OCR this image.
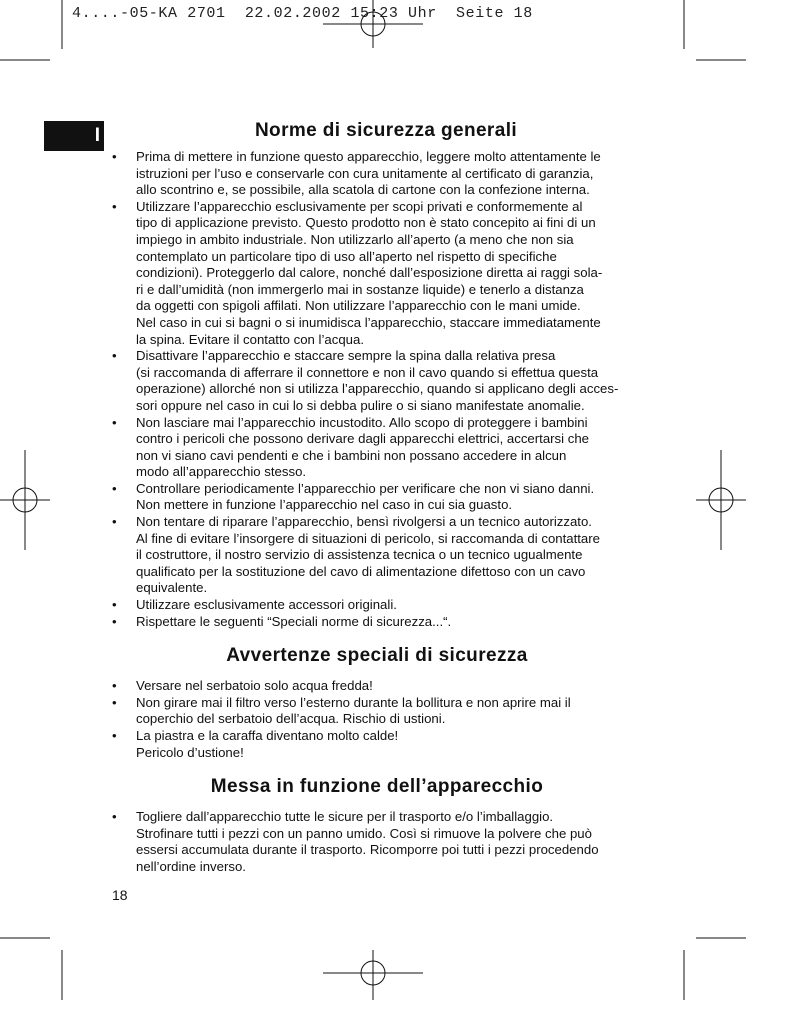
4....-05-KA 2701  22.02.2002 15:23 Uhr  Seite 18
I	Norme di sicurezza generali
• Prima di mettere in funzione questo apparecchio, leggere molto attentamente le
istruzioni per l’uso e conservarle con cura unitamente al certificato di garanzia,
allo scontrino e, se possibile, alla scatola di cartone con la confezione interna.
• Utilizzare l’apparecchio esclusivamente per scopi privati e conformemente al
tipo di applicazione previsto. Questo prodotto non è stato concepito ai fini di un
impiego in ambito industriale. Non utilizzarlo all’aperto (a meno che non sia
contemplato un particolare tipo di uso all’aperto nel rispetto di specifiche
condizioni). Proteggerlo dal calore, nonché dall’esposizione diretta ai raggi sola-
ri e dall’umidità (non immergerlo mai in sostanze liquide) e tenerlo a distanza
da oggetti con spigoli affilati. Non utilizzare l’apparecchio con le mani umide.
Nel caso in cui si bagni o si inumidisca l’apparecchio, staccare immediatamente
la spina. Evitare il contatto con l’acqua.
• Disattivare l’apparecchio e staccare sempre la spina dalla relativa presa
(si raccomanda di afferrare il connettore e non il cavo quando si effettua questa
operazione) allorché non si utilizza l’apparecchio, quando si applicano degli acces-
sori oppure nel caso in cui lo si debba pulire o si siano manifestate anomalie.
• Non lasciare mai l’apparecchio incustodito. Allo scopo di proteggere i bambini
contro i pericoli che possono derivare dagli apparecchi elettrici, accertarsi che
non vi siano cavi pendenti e che i bambini non possano accedere in alcun
modo all’apparecchio stesso.
• Controllare periodicamente l’apparecchio per verificare che non vi siano danni.
Non mettere in funzione l’apparecchio nel caso in cui sia guasto.
• Non tentare di riparare l’apparecchio, bensì rivolgersi a un tecnico autorizzato.
Al fine di evitare l’insorgere di situazioni di pericolo, si raccomanda di contattare
il costruttore, il nostro servizio di assistenza tecnica o un tecnico ugualmente
qualificato per la sostituzione del cavo di alimentazione difettoso con un cavo
equivalente.
• Utilizzare esclusivamente accessori originali.
• Rispettare le seguenti “Speciali norme di sicurezza...“.
Avvertenze speciali di sicurezza
• Versare nel serbatoio solo acqua fredda!
• Non girare mai il filtro verso l’esterno durante la bollitura e non aprire mai il
coperchio del serbatoio dell’acqua. Rischio di ustioni.
• La piastra e la caraffa diventano molto calde!
Pericolo d’ustione!
Messa in funzione dell’apparecchio
• Togliere dall’apparecchio tutte le sicure per il trasporto e/o l’imballaggio.
Strofinare tutti i pezzi con un panno umido. Così si rimuove la polvere che può
essersi accumulata durante il trasporto. Ricomporre poi tutti i pezzi procedendo
nell’ordine inverso.
18
